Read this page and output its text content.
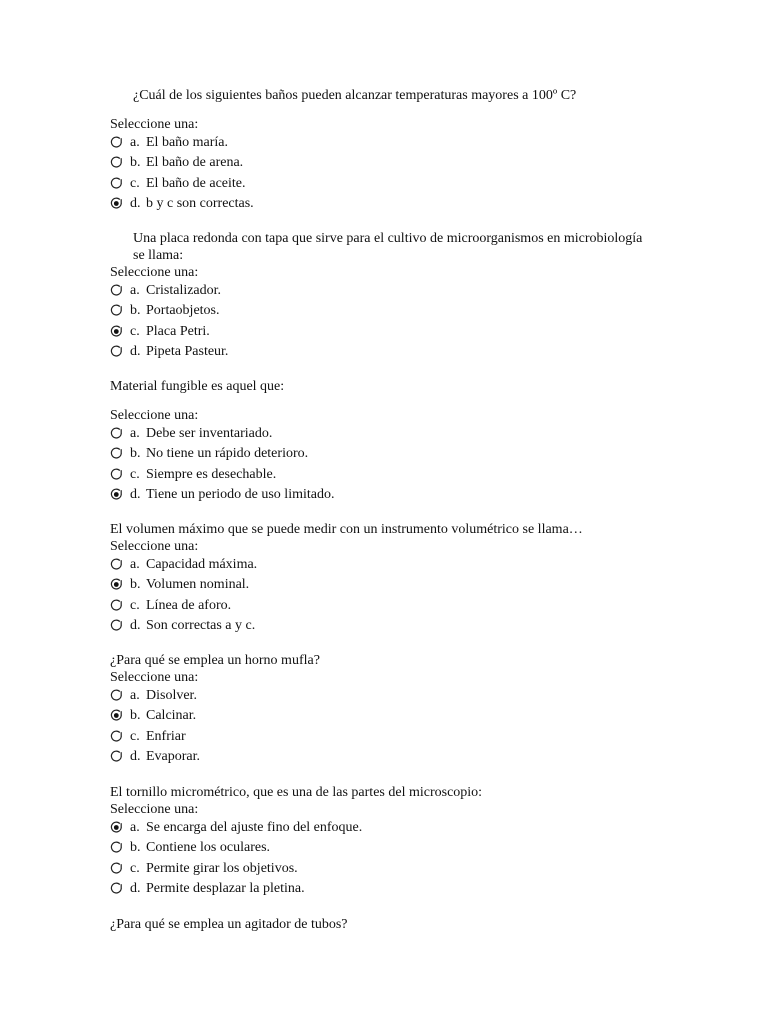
¿Cuál de los siguientes baños pueden alcanzar temperaturas mayores a 100º C?
Seleccione una:
a. El baño maría.
b. El baño de arena.
c. El baño de aceite.
d. b y c son correctas.
Una placa redonda con tapa que sirve para el cultivo de microorganismos en microbiología se llama:
Seleccione una:
a. Cristalizador.
b. Portaobjetos.
c. Placa Petri.
d. Pipeta Pasteur.
Material fungible es aquel que:
Seleccione una:
a. Debe ser inventariado.
b. No tiene un rápido deterioro.
c. Siempre es desechable.
d. Tiene un periodo de uso limitado.
El volumen máximo que se puede medir con un instrumento volumétrico se llama…
Seleccione una:
a. Capacidad máxima.
b. Volumen nominal.
c. Línea de aforo.
d. Son correctas a y c.
¿Para qué se emplea un horno mufla?
Seleccione una:
a. Disolver.
b. Calcinar.
c. Enfriar
d. Evaporar.
El tornillo micrométrico, que es una de las partes del microscopio:
Seleccione una:
a. Se encarga del ajuste fino del enfoque.
b. Contiene los oculares.
c. Permite girar los objetivos.
d. Permite desplazar la pletina.
¿Para qué se emplea un agitador de tubos?
